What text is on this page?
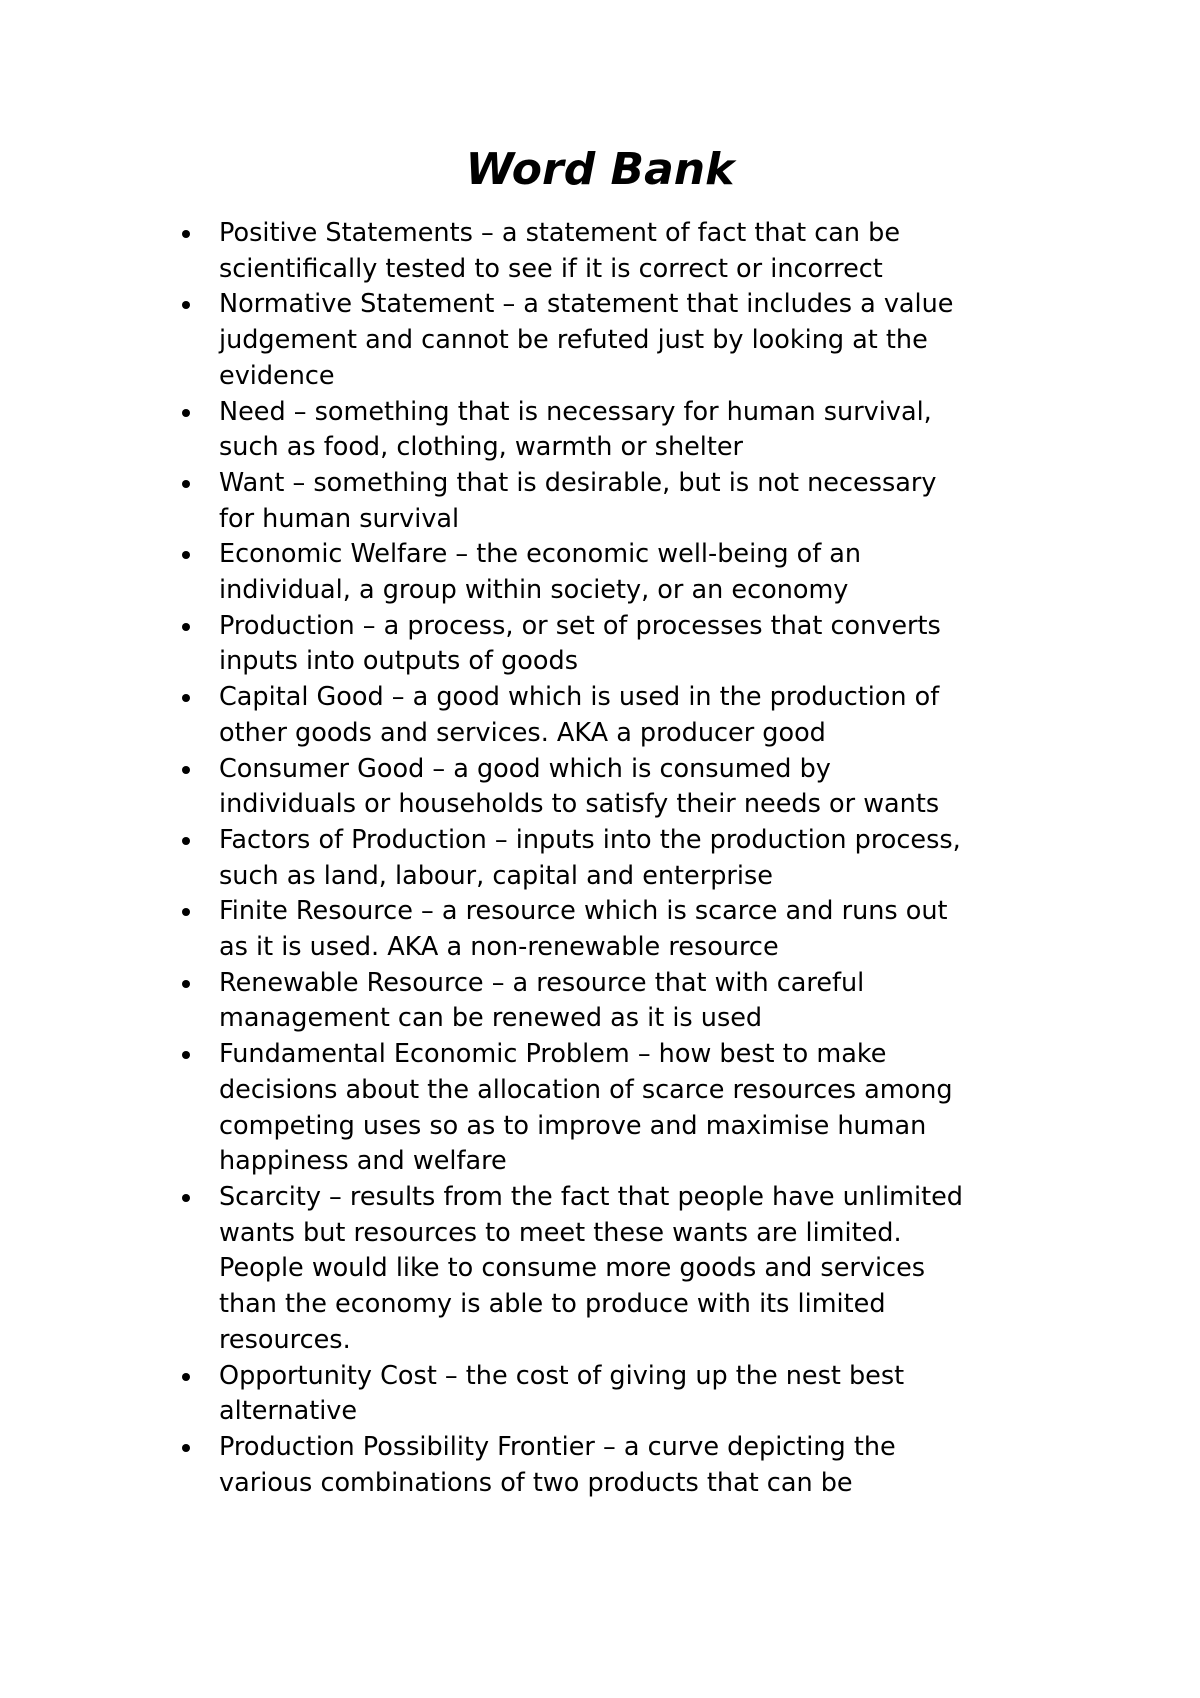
Word Bank
Positive Statements – a statement of fact that can be
scientifically tested to see if it is correct or incorrect
Normative Statement – a statement that includes a value
judgement and cannot be refuted just by looking at the
evidence
Need – something that is necessary for human survival,
such as food, clothing, warmth or shelter
Want – something that is desirable, but is not necessary
for human survival
Economic Welfare – the economic well-being of an
individual, a group within society, or an economy
Production – a process, or set of processes that converts
inputs into outputs of goods
Capital Good – a good which is used in the production of
other goods and services. AKA a producer good
Consumer Good – a good which is consumed by
individuals or households to satisfy their needs or wants
Factors of Production – inputs into the production process,
such as land, labour, capital and enterprise
Finite Resource – a resource which is scarce and runs out
as it is used. AKA a non-renewable resource
Renewable Resource – a resource that with careful
management can be renewed as it is used
Fundamental Economic Problem – how best to make
decisions about the allocation of scarce resources among
competing uses so as to improve and maximise human
happiness and welfare
Scarcity – results from the fact that people have unlimited
wants but resources to meet these wants are limited.
People would like to consume more goods and services
than the economy is able to produce with its limited
resources.
Opportunity Cost – the cost of giving up the nest best
alternative
Production Possibility Frontier – a curve depicting the
various combinations of two products that can be
